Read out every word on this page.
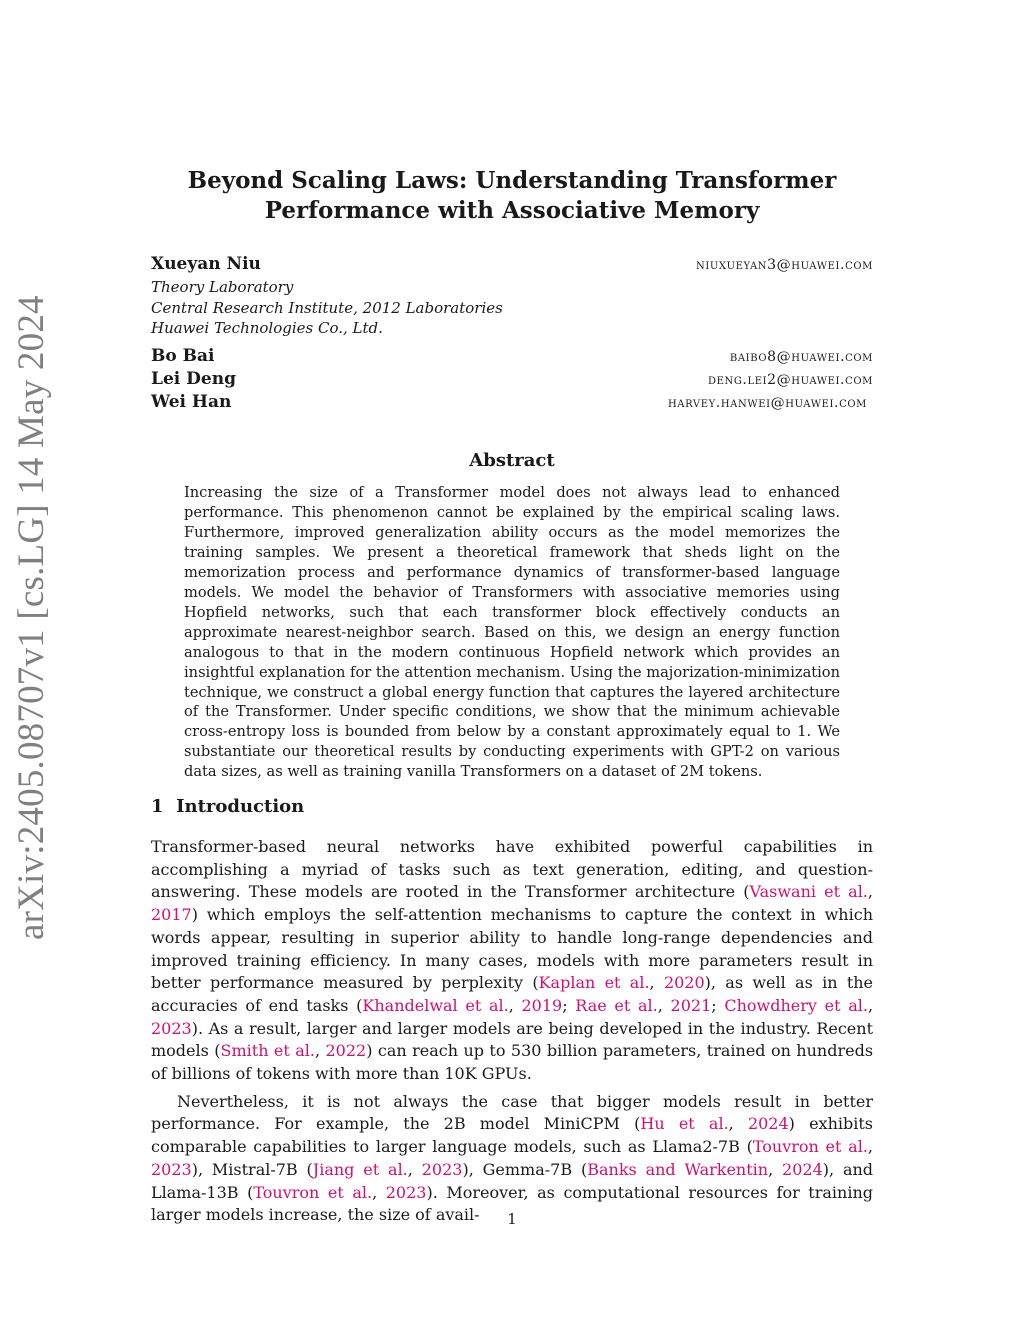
arXiv:2405.08707v1 [cs.LG] 14 May 2024
Beyond Scaling Laws: Understanding Transformer
Performance with Associative Memory
Xueyan Niu	niuxueyan3@huawei.com
Theory Laboratory
Central Research Institute, 2012 Laboratories
Huawei Technologies Co., Ltd.
Bo Bai	baibo8@huawei.com
Lei Deng	deng.lei2@huawei.com
Wei Han	harvey.hanwei@huawei.com
Abstract
Increasing the size of a Transformer model does not always lead to enhanced performance. This phenomenon cannot be explained by the empirical scaling laws. Furthermore, improved generalization ability occurs as the model memorizes the training samples. We present a theoretical framework that sheds light on the memorization process and performance dynamics of transformer-based language models. We model the behavior of Transformers with associative memories using Hopfield networks, such that each transformer block effectively conducts an approximate nearest-neighbor search. Based on this, we design an energy function analogous to that in the modern continuous Hopfield network which provides an insightful explanation for the attention mechanism. Using the majorization-minimization technique, we construct a global energy function that captures the layered architecture of the Transformer. Under specific conditions, we show that the minimum achievable cross-entropy loss is bounded from below by a constant approximately equal to 1. We substantiate our theoretical results by conducting experiments with GPT-2 on various data sizes, as well as training vanilla Transformers on a dataset of 2M tokens.
1 Introduction

Transformer-based neural networks have exhibited powerful capabilities in accomplishing a myriad of tasks such as text generation, editing, and question-answering. These models are rooted in the Transformer architecture (Vaswani et al., 2017) which employs the self-attention mechanisms to capture the context in which words appear, resulting in superior ability to handle long-range dependencies and improved training efficiency. In many cases, models with more parameters result in better performance measured by perplexity (Kaplan et al., 2020), as well as in the accuracies of end tasks (Khandelwal et al., 2019; Rae et al., 2021; Chowdhery et al., 2023). As a result, larger and larger models are being developed in the industry. Recent models (Smith et al., 2022) can reach up to 530 billion parameters, trained on hundreds of billions of tokens with more than 10K GPUs.

Nevertheless, it is not always the case that bigger models result in better performance. For example, the 2B model MiniCPM (Hu et al., 2024) exhibits comparable capabilities to larger language models, such as Llama2-7B (Touvron et al., 2023), Mistral-7B (Jiang et al., 2023), Gemma-7B (Banks and Warkentin, 2024), and Llama-13B (Touvron et al., 2023). Moreover, as computational resources for training larger models increase, the size of avail-	1
